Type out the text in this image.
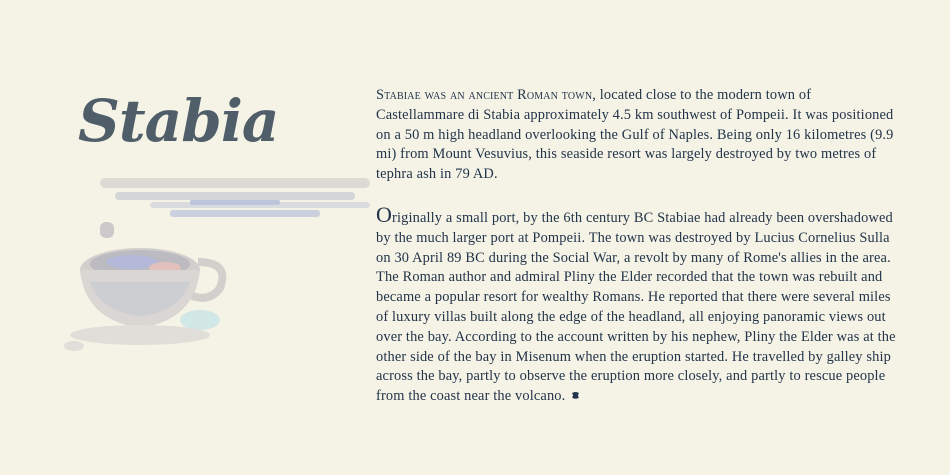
Stabia	Stabiae was an ancient Roman town, located close to the modern town of Castellammare di Stabia approximately 4.5 km southwest of Pompeii. It was positioned on a 50 m high headland overlooking the Gulf of Naples. Being only 16 kilometres (9.9 mi) from Mount Vesuvius, this seaside resort was largely destroyed by two metres of tephra ash in 79 AD.

Originally a small port, by the 6th century BC Stabiae had already been overshadowed by the much larger port at Pompeii. The town was destroyed by Lucius Cornelius Sulla on 30 April 89 BC during the Social War, a revolt by many of Rome's allies in the area. The Roman author and admiral Pliny the Elder recorded that the town was rebuilt and became a popular resort for wealthy Romans. He reported that there were several miles of luxury villas built along the edge of the headland, all enjoying panoramic views out over the bay. According to the account written by his nephew, Pliny the Elder was at the other side of the bay in Misenum when the eruption started. He travelled by galley ship across the bay, partly to observe the eruption more closely, and partly to rescue people from the coast near the volcano.
